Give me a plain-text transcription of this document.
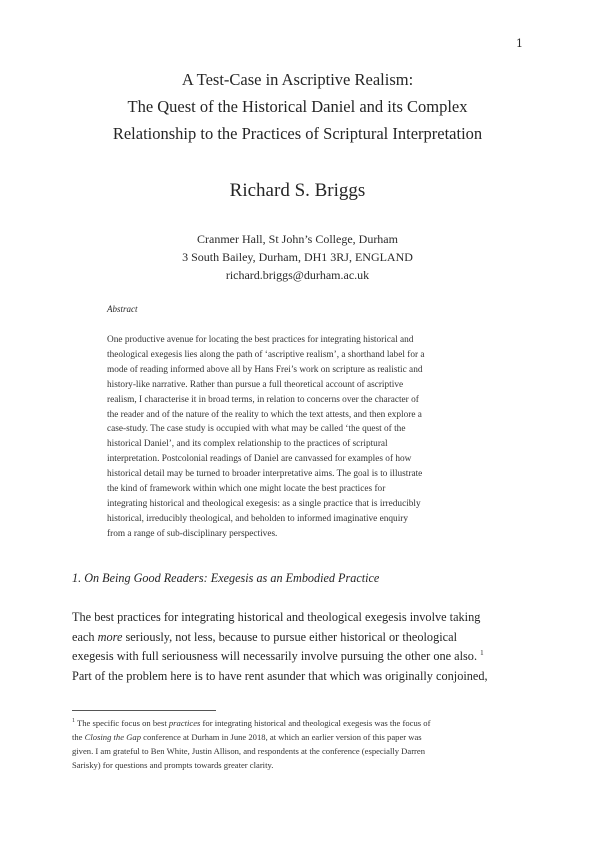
1
A Test-Case in Ascriptive Realism:
The Quest of the Historical Daniel and its Complex
Relationship to the Practices of Scriptural Interpretation
Richard S. Briggs
Cranmer Hall, St John’s College, Durham
3 South Bailey, Durham, DH1 3RJ, ENGLAND
richard.briggs@durham.ac.uk
Abstract
One productive avenue for locating the best practices for integrating historical and
theological exegesis lies along the path of ‘ascriptive realism’, a shorthand label for a
mode of reading informed above all by Hans Frei’s work on scripture as realistic and
history-like narrative. Rather than pursue a full theoretical account of ascriptive
realism, I characterise it in broad terms, in relation to concerns over the character of
the reader and of the nature of the reality to which the text attests, and then explore a
case-study. The case study is occupied with what may be called ‘the quest of the
historical Daniel’, and its complex relationship to the practices of scriptural
interpretation. Postcolonial readings of Daniel are canvassed for examples of how
historical detail may be turned to broader interpretative aims. The goal is to illustrate
the kind of framework within which one might locate the best practices for
integrating historical and theological exegesis: as a single practice that is irreducibly
historical, irreducibly theological, and beholden to informed imaginative enquiry
from a range of sub-disciplinary perspectives.
1. On Being Good Readers: Exegesis as an Embodied Practice
The best practices for integrating historical and theological exegesis involve taking
each more seriously, not less, because to pursue either historical or theological
exegesis with full seriousness will necessarily involve pursuing the other one also. $^1$
Part of the problem here is to have rent asunder that which was originally conjoined,
$^1$ The specific focus on best practices for integrating historical and theological exegesis was the focus of
the Closing the Gap conference at Durham in June 2018, at which an earlier version of this paper was
given. I am grateful to Ben White, Justin Allison, and respondents at the conference (especially Darren
Sarisky) for questions and prompts towards greater clarity.
